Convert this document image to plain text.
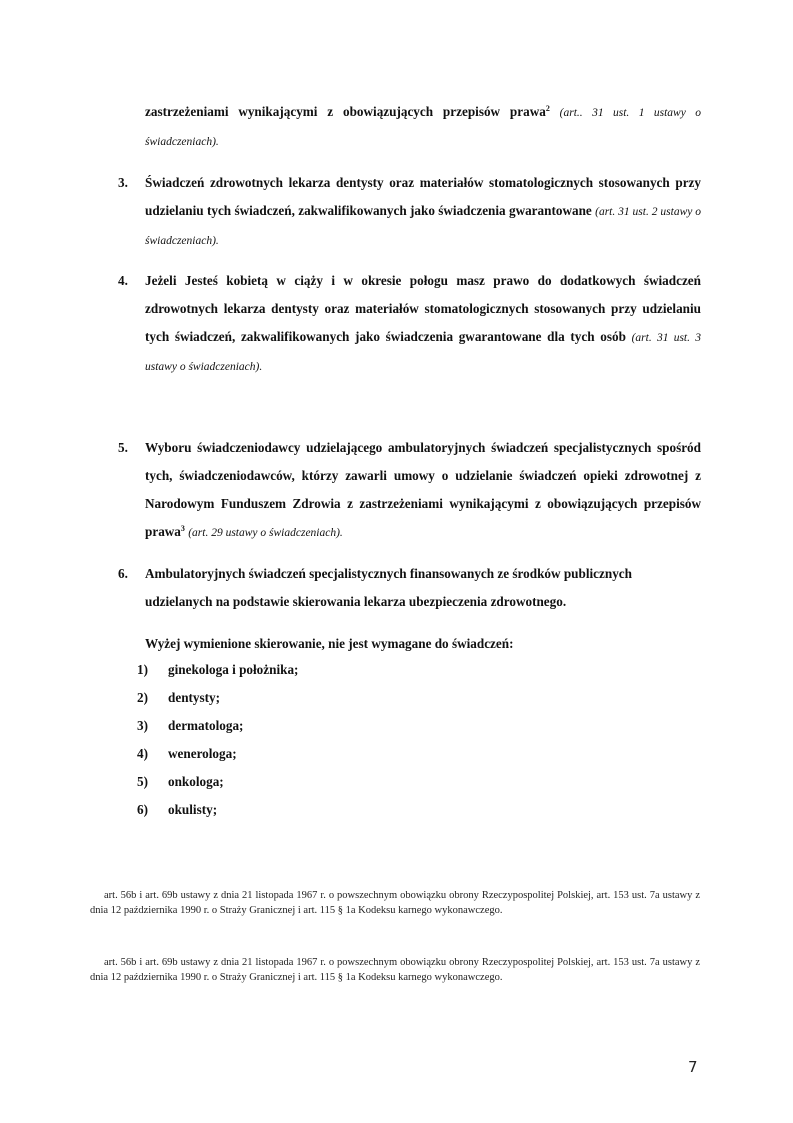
zastrzeżeniami wynikającymi z obowiązujących przepisów prawa$^2$ (art.. 31 ust. 1 ustawy o świadczeniach).
3. Świadczeń zdrowotnych lekarza dentysty oraz materiałów stomatologicznych stosowanych przy udzielaniu tych świadczeń, zakwalifikowanych jako świadczenia gwarantowane (art. 31 ust. 2 ustawy o świadczeniach).
4. Jeżeli Jesteś kobietą w ciąży i w okresie połogu masz prawo do dodatkowych świadczeń zdrowotnych lekarza dentysty oraz materiałów stomatologicznych stosowanych przy udzielaniu tych świadczeń, zakwalifikowanych jako świadczenia gwarantowane dla tych osób (art. 31 ust. 3 ustawy o świadczeniach).
5. Wyboru świadczeniodawcy udzielającego ambulatoryjnych świadczeń specjalistycznych spośród tych, świadczeniodawców, którzy zawarli umowy o udzielanie świadczeń opieki zdrowotnej z Narodowym Funduszem Zdrowia z zastrzeżeniami wynikającymi z obowiązujących przepisów prawa$^3$ (art. 29 ustawy o świadczeniach).
6. Ambulatoryjnych świadczeń specjalistycznych finansowanych ze środków publicznych udzielanych na podstawie skierowania lekarza ubezpieczenia zdrowotnego.
Wyżej wymienione skierowanie, nie jest wymagane do świadczeń:
1)	ginekologa i położnika;
2)	dentysty;
3)	dermatologa;
4)	wenerologa;
5)	onkologa;
6)	okulisty;
art. 56b i art. 69b ustawy z dnia 21 listopada 1967 r. o powszechnym obowiązku obrony Rzeczypospolitej Polskiej, art. 153 ust. 7a ustawy z dnia 12 października 1990 r. o Straży Granicznej i art. 115 § 1a Kodeksu karnego wykonawczego.
art. 56b i art. 69b ustawy z dnia 21 listopada 1967 r. o powszechnym obowiązku obrony Rzeczypospolitej Polskiej, art. 153 ust. 7a ustawy z dnia 12 października 1990 r. o Straży Granicznej i art. 115 § 1a Kodeksu karnego wykonawczego.
7
